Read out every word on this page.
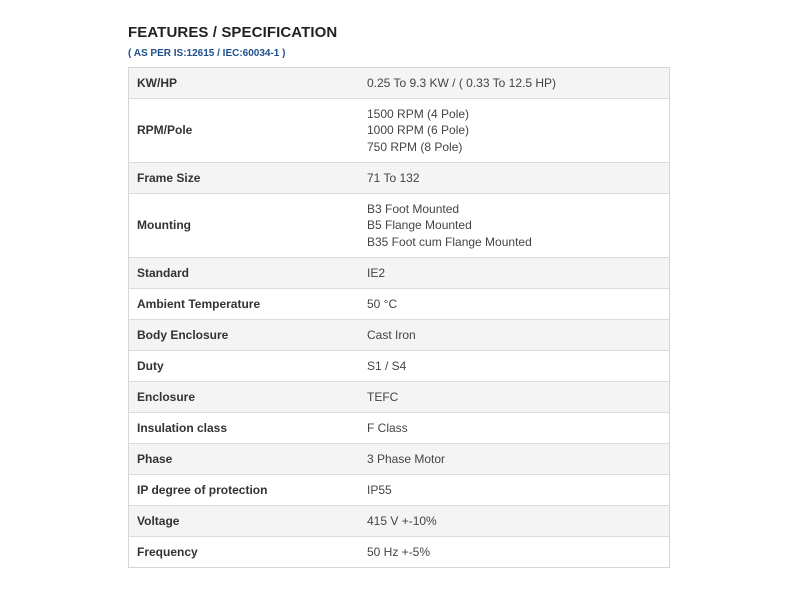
FEATURES / SPECIFICATION
( AS PER IS:12615 / IEC:60034-1 )
KW/HP	0.25 To 9.3 KW / ( 0.33 To 12.5 HP)

RPM/Pole	1500 RPM (4 Pole)
1000 RPM (6 Pole)
750 RPM (8 Pole)

Frame Size	71 To 132

Mounting	B3 Foot Mounted
B5 Flange Mounted
B35 Foot cum Flange Mounted

Standard	IE2

Ambient Temperature	50 °C

Body Enclosure	Cast Iron

Duty	S1 / S4

Enclosure	TEFC

Insulation class	F Class

Phase	3 Phase Motor

IP degree of protection	IP55

Voltage	415 V +-10%

Frequency	50 Hz +-5%
